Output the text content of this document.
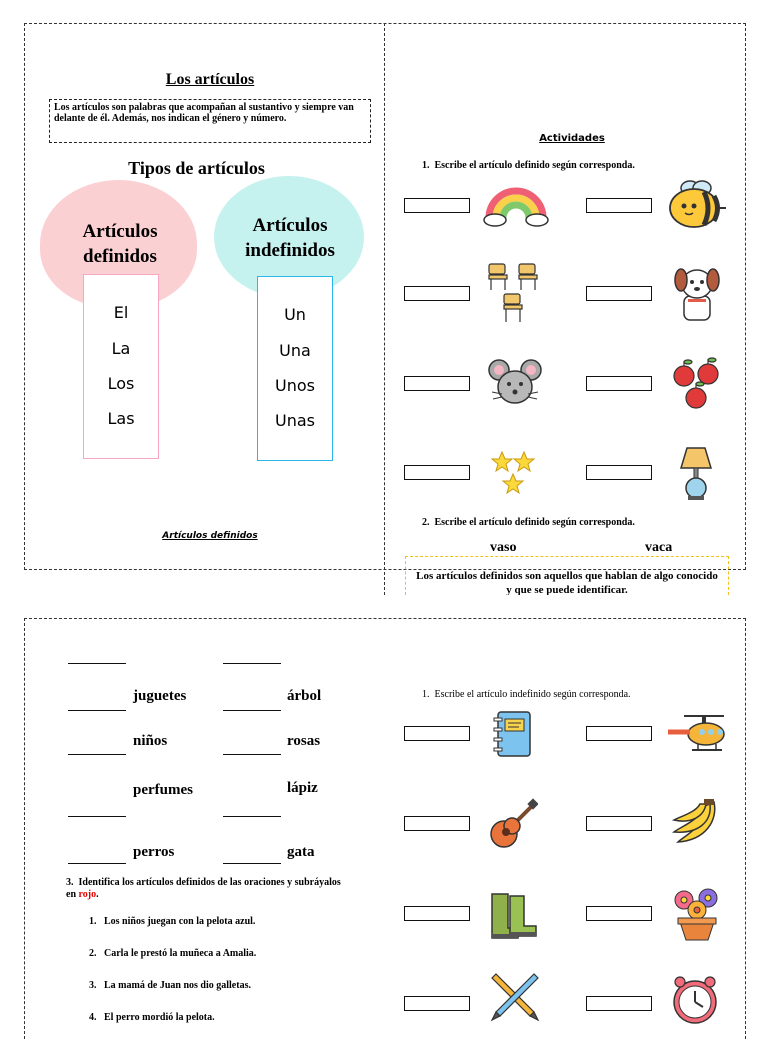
Los artículos
Los artículos son palabras que acompañan al sustantivo y siempre van delante de él. Además, nos indican el género y número.
Tipos de artículos
Artículos definidos
Artículos indefinidos
El
La
Los
Las
Un
Una
Unos
Unas
Artículos definidos
Actividades
1.  Escribe el artículo definido según corresponda.
2.  Escribe el artículo definido según corresponda.
vaso	vaca
Los artículos definidos son aquellos que hablan de algo conocido y que se puede identificar.
juguetes	árbol
niños	rosas
perfumes	lápiz
perros	gata
3.  Identifica los artículos definidos de las oraciones y subráyalos en rojo.
1.   Los niños juegan con la pelota azul.
2.   Carla le prestó la muñeca a Amalia.
3.   La mamá de Juan nos dio galletas.
4.   El perro mordió la pelota.
1.  Escribe el artículo indefinido según corresponda.
